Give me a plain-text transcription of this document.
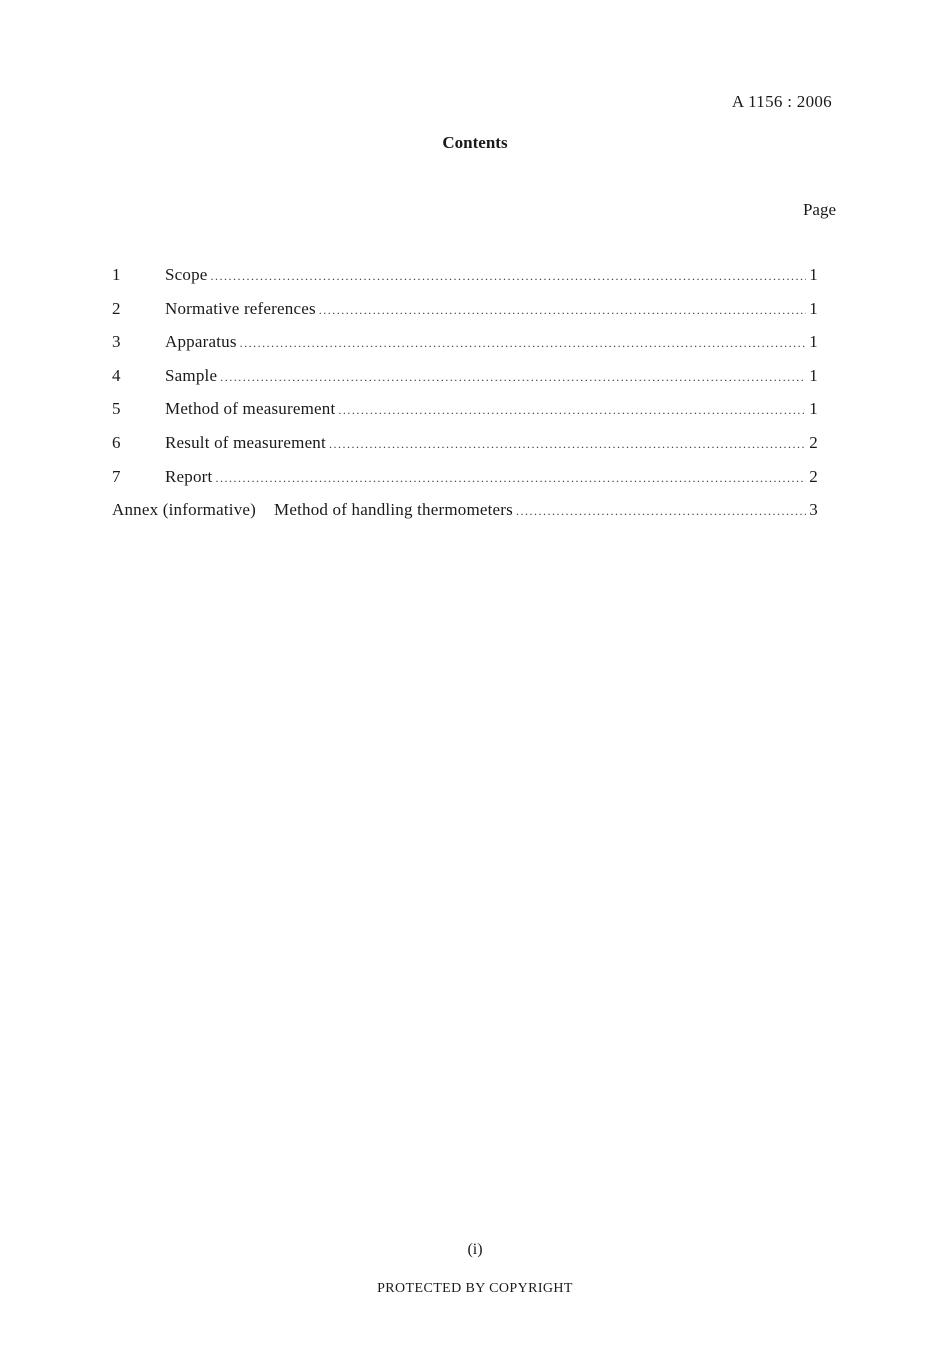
A 1156 : 2006
Contents
Page
1	Scope .....	1
2	Normative references .....	1
3	Apparatus .....	1
4	Sample .....	1
5	Method of measurement .....	1
6	Result of measurement .....	2
7	Report .....	2
Annex (informative) Method of handling thermometers .....	3
(i)
PROTECTED BY COPYRIGHT
